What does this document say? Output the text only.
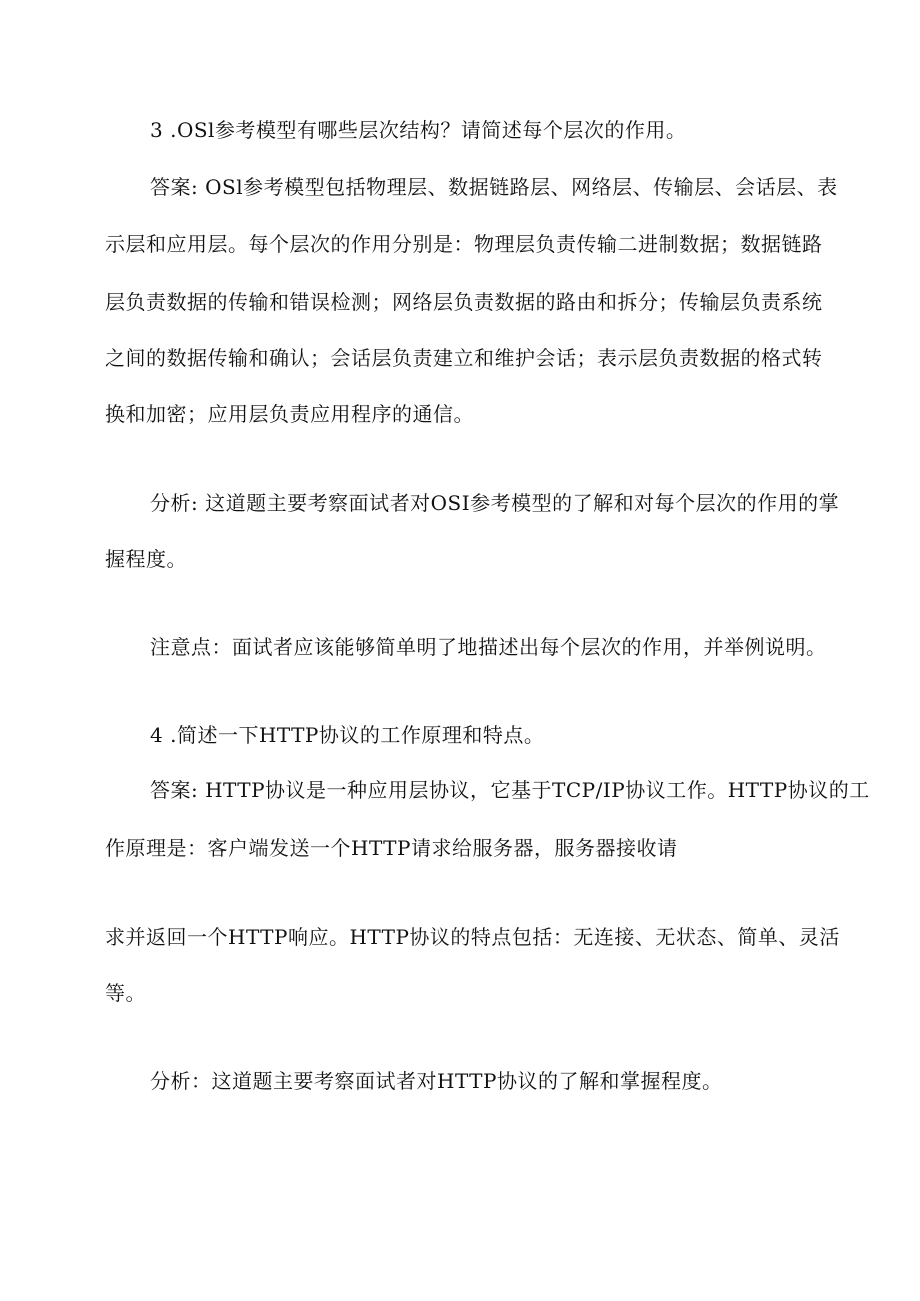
3 .OSl参考模型有哪些层次结构？请简述每个层次的作用。
答案: OSl参考模型包括物理层、数据链路层、网络层、传输层、会话层、表
示层和应用层。每个层次的作用分别是：物理层负责传输二进制数据；数据链路
层负责数据的传输和错误检测；网络层负责数据的路由和拆分；传输层负责系统
之间的数据传输和确认；会话层负责建立和维护会话；表示层负责数据的格式转
换和加密；应用层负责应用程序的通信。
分析: 这道题主要考察面试者对OSI参考模型的了解和对每个层次的作用的掌
握程度。
注意点：面试者应该能够简单明了地描述出每个层次的作用，并举例说明。
4 .简述一下HTTP协议的工作原理和特点。
答案: HTTP协议是一种应用层协议，它基于TCP/IP协议工作。HTTP协议的工
作原理是：客户端发送一个HTTP请求给服务器，服务器接收请
求并返回一个HTTP响应。HTTP协议的特点包括：无连接、无状态、简单、灵活
等。
分析：这道题主要考察面试者对HTTP协议的了解和掌握程度。
